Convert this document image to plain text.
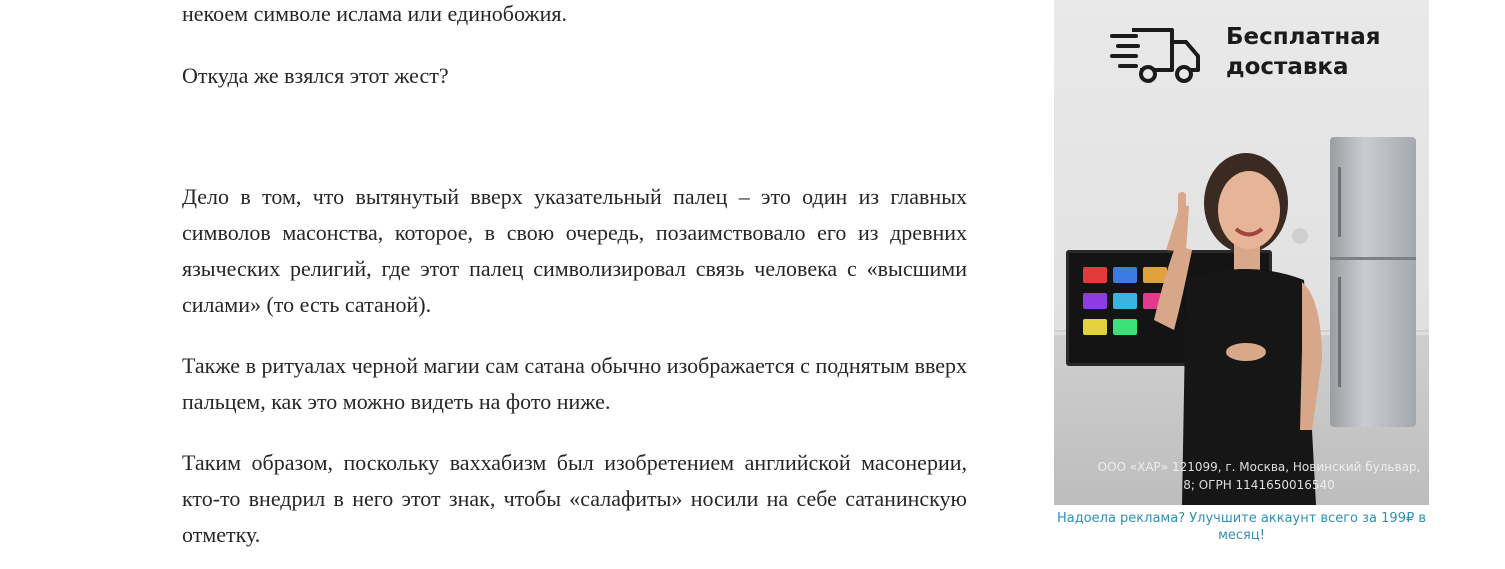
некоем символе ислама или единобожия.

Откуда же взялся этот жест?

Дело в том, что вытянутый вверх указательный палец – это один из главных символов масонства, которое, в свою очередь, позаимствовало его из древних языческих религий, где этот палец символизировал связь человека с «высшими силами» (то есть сатаной).

Также в ритуалах черной магии сам сатана обычно изображается с поднятым вверх пальцем, как это можно видеть на фото ниже.

Таким образом, поскольку ваххабизм был изобретением английской масонерии, кто-то внедрил в него этот знак, чтобы «салафиты» носили на себе сатанинскую отметку.

Бесплатная доставка
ООО «ХАР» 121099, г. Москва, Новинский бульвар, 8; ОГРН 1141650016540
Надоела реклама? Улучшите аккаунт всего за 199₽ в месяц!
